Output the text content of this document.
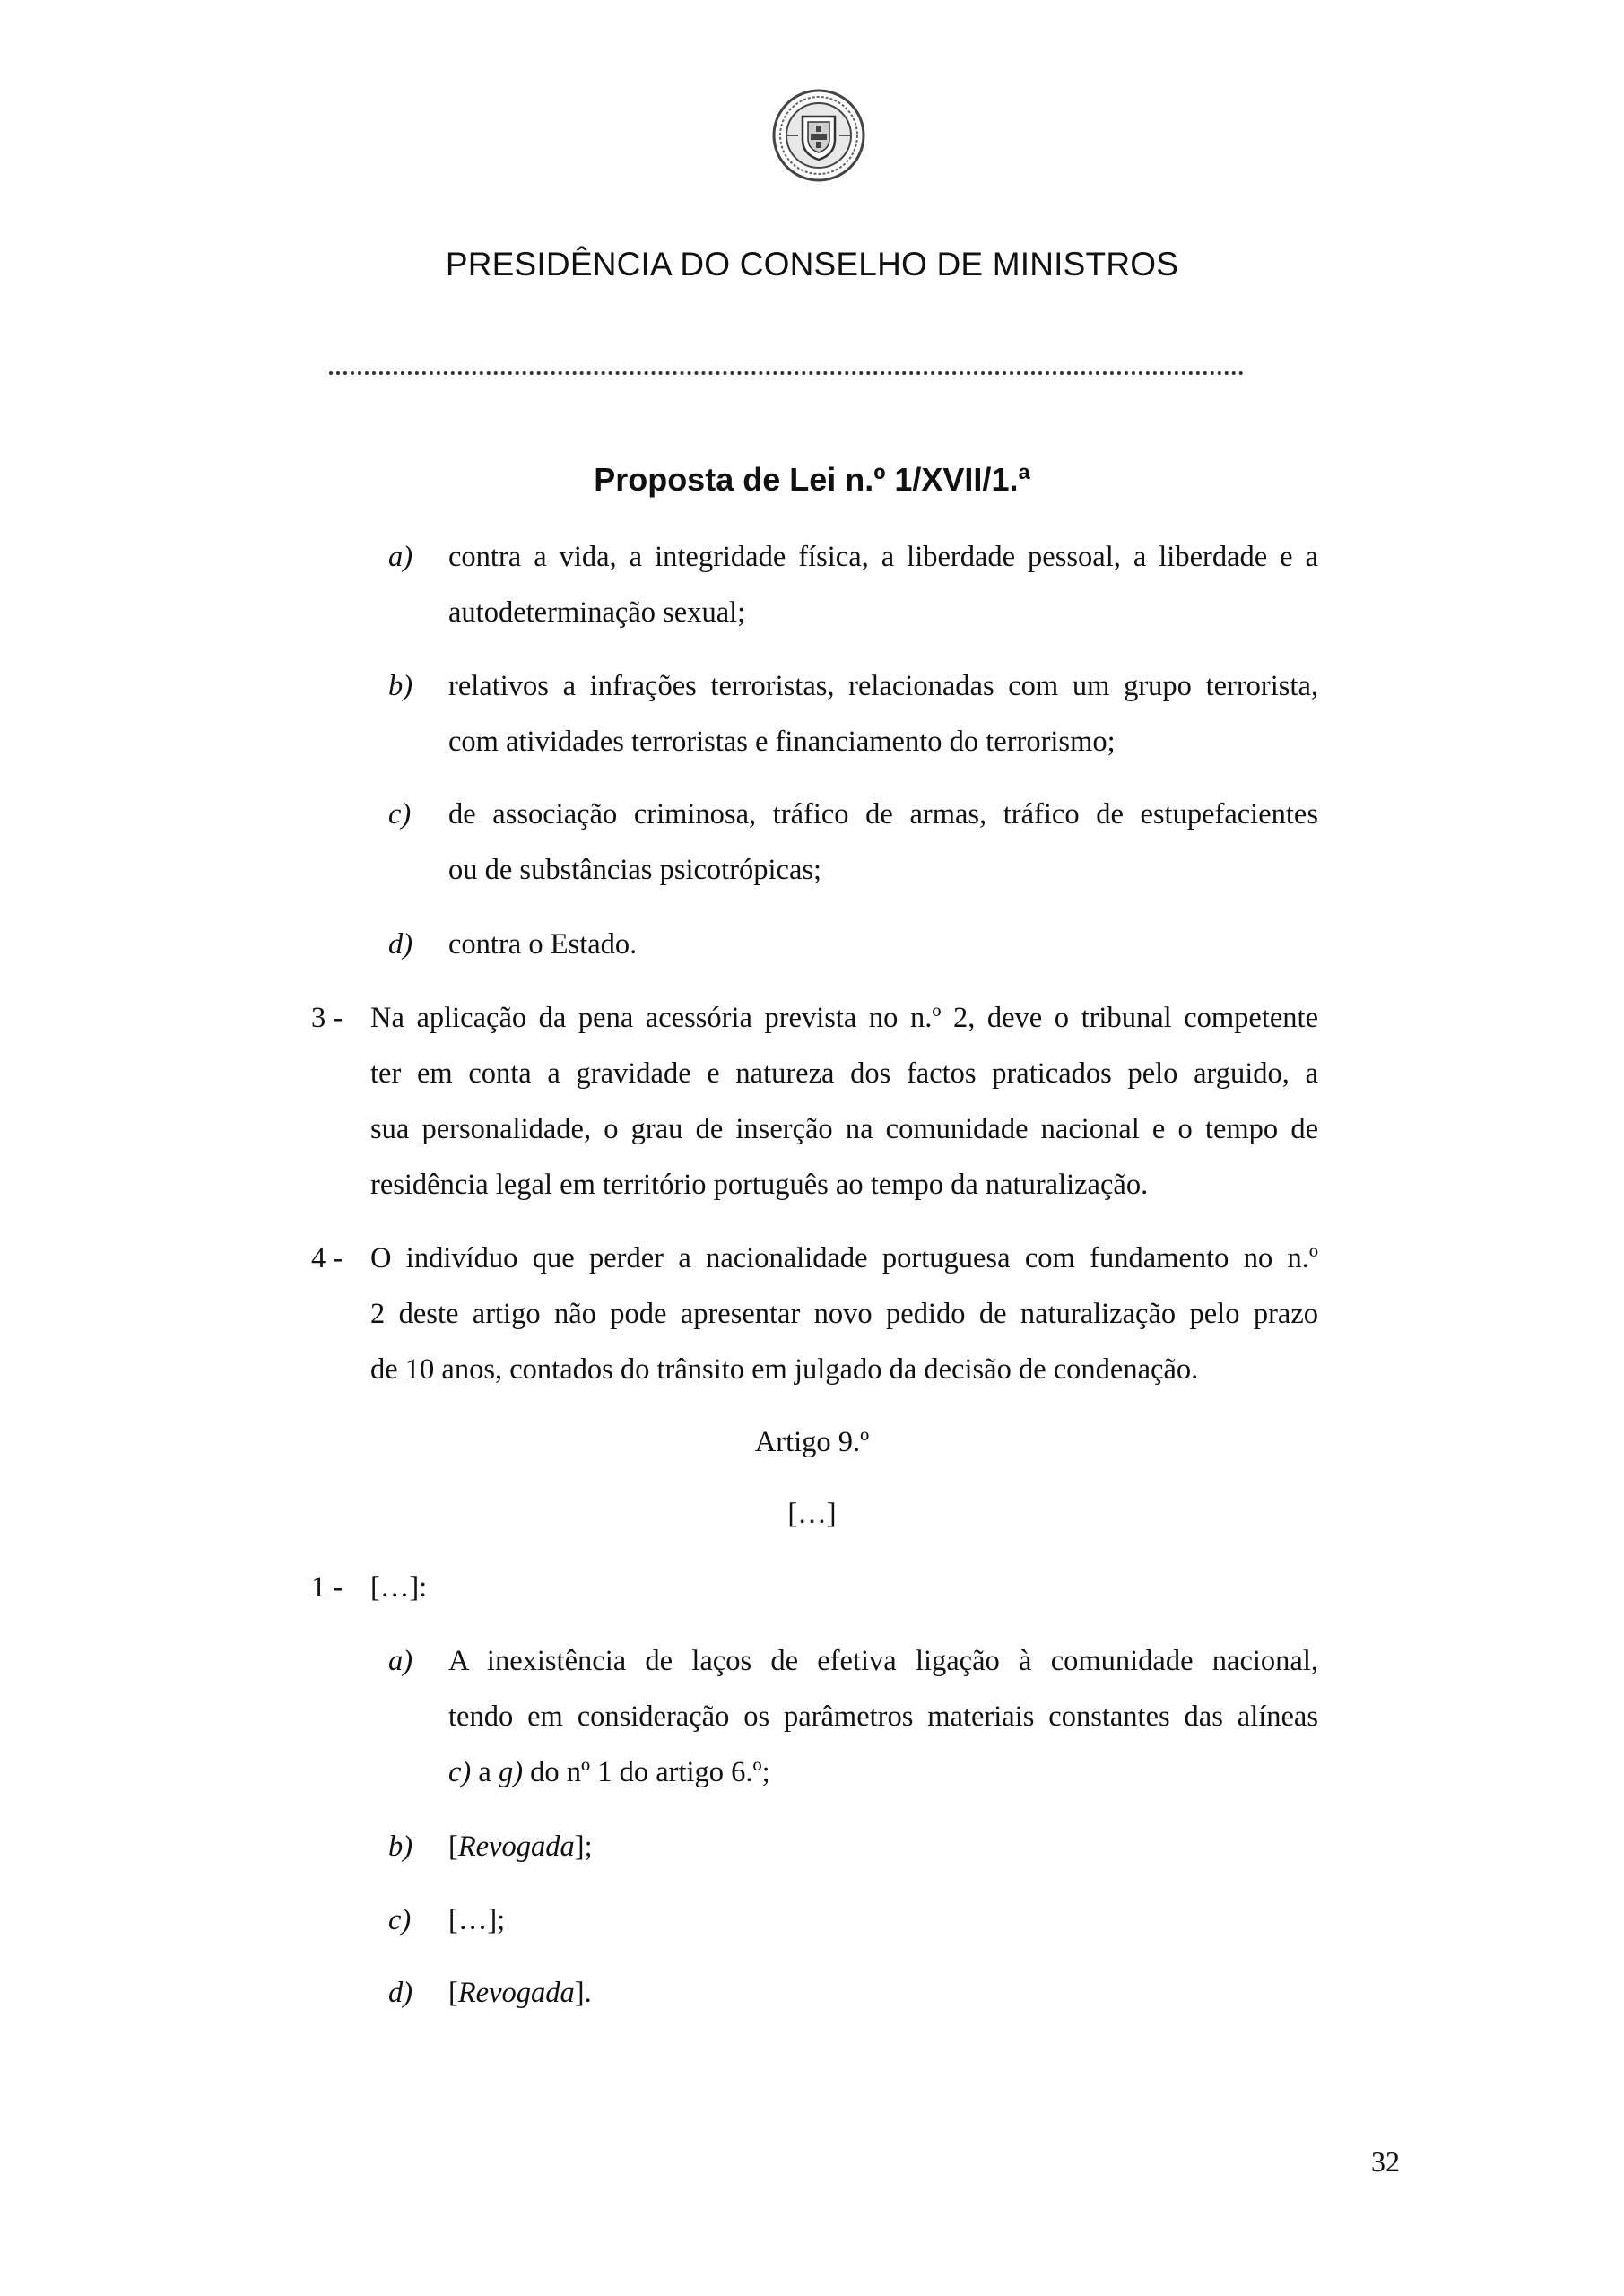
PRESIDÊNCIA DO CONSELHO DE MINISTROS
Proposta de Lei n.º 1/XVII/1.ª
a) contra a vida, a integridade física, a liberdade pessoal, a liberdade e a
autodeterminação sexual;
b) relativos a infrações terroristas, relacionadas com um grupo terrorista,
com atividades terroristas e financiamento do terrorismo;
c) de associação criminosa, tráfico de armas, tráfico de estupefacientes
ou de substâncias psicotrópicas;
d) contra o Estado.
3 - Na aplicação da pena acessória prevista no n.º 2, deve o tribunal competente
ter em conta a gravidade e natureza dos factos praticados pelo arguido, a
sua personalidade, o grau de inserção na comunidade nacional e o tempo de
residência legal em território português ao tempo da naturalização.
4 - O indivíduo que perder a nacionalidade portuguesa com fundamento no n.º
2 deste artigo não pode apresentar novo pedido de naturalização pelo prazo
de 10 anos, contados do trânsito em julgado da decisão de condenação.
Artigo 9.º
[…]
1 - […]:
a) A inexistência de laços de efetiva ligação à comunidade nacional,
tendo em consideração os parâmetros materiais constantes das alíneas
c) a g) do nº 1 do artigo 6.º;
b) [Revogada];
c) […];
d) [Revogada].
32
